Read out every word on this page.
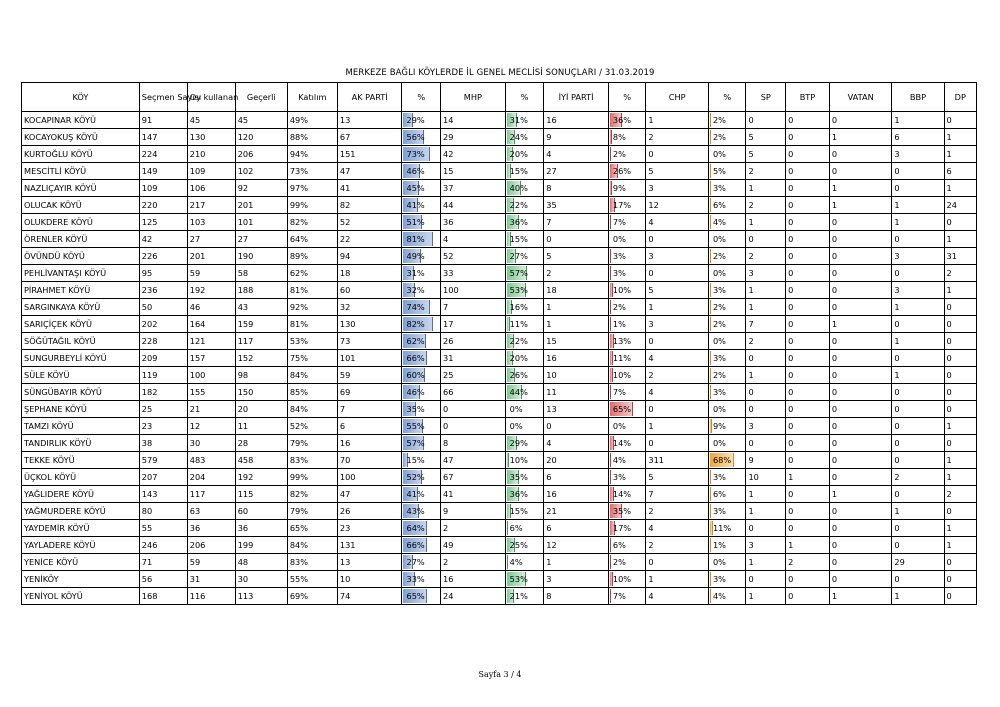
MERKEZE BAĞLI KÖYLERDE İL GENEL MECLİSİ SONUÇLARI / 31.03.2019
KÖY	Seçmen Sayısı	Oy kullanan	Geçerli	Katılım	AK PARTİ	%	MHP	%	İYİ PARTİ	%	CHP	%	SP	BTP	VATAN	BBP	DP
KOCAPINAR KÖYÜ	91	45	45	49%	13	29%	14	31%	16	36%	1	2%	0	0	0	1	0
KOCAYOKUŞ KÖYÜ	147	130	120	88%	67	56%	29	24%	9	8%	2	2%	5	0	1	6	1
KURTOĞLU KÖYÜ	224	210	206	94%	151	73%	42	20%	4	2%	0	0%	5	0	0	3	1
MESCİTLİ KÖYÜ	149	109	102	73%	47	46%	15	15%	27	26%	5	5%	2	0	0	0	6
NAZLIÇAYIR KÖYÜ	109	106	92	97%	41	45%	37	40%	8	9%	3	3%	1	0	1	0	1
OLUCAK KÖYÜ	220	217	201	99%	82	41%	44	22%	35	17%	12	6%	2	0	1	1	24
OLUKDERE KÖYÜ	125	103	101	82%	52	51%	36	36%	7	7%	4	4%	1	0	0	1	0
ÖRENLER KÖYÜ	42	27	27	64%	22	81%	4	15%	0	0%	0	0%	0	0	0	0	1
ÖVÜNDÜ KÖYÜ	226	201	190	89%	94	49%	52	27%	5	3%	3	2%	2	0	0	3	31
PEHLİVANTAŞI KÖYÜ	95	59	58	62%	18	31%	33	57%	2	3%	0	0%	3	0	0	0	2
PİRAHMET KÖYÜ	236	192	188	81%	60	32%	100	53%	18	10%	5	3%	1	0	0	3	1
SARGINKAYA KÖYÜ	50	46	43	92%	32	74%	7	16%	1	2%	1	2%	1	0	0	1	0
SARIÇİÇEK KÖYÜ	202	164	159	81%	130	82%	17	11%	1	1%	3	2%	7	0	1	0	0
SÖĞÜTAĞIL KÖYÜ	228	121	117	53%	73	62%	26	22%	15	13%	0	0%	2	0	0	1	0
SUNGURBEYLİ KÖYÜ	209	157	152	75%	101	66%	31	20%	16	11%	4	3%	0	0	0	0	0
SÜLE KÖYÜ	119	100	98	84%	59	60%	25	26%	10	10%	2	2%	1	0	0	1	0
SÜNGÜBAYIR KÖYÜ	182	155	150	85%	69	46%	66	44%	11	7%	4	3%	0	0	0	0	0
ŞEPHANE KÖYÜ	25	21	20	84%	7	35%	0	0%	13	65%	0	0%	0	0	0	0	0
TAMZI KÖYÜ	23	12	11	52%	6	55%	0	0%	0	0%	1	9%	3	0	0	0	1
TANDIRLIK KÖYÜ	38	30	28	79%	16	57%	8	29%	4	14%	0	0%	0	0	0	0	0
TEKKE KÖYÜ	579	483	458	83%	70	15%	47	10%	20	4%	311	68%	9	0	0	0	1
ÜÇKOL KÖYÜ	207	204	192	99%	100	52%	67	35%	6	3%	5	3%	10	1	0	2	1
YAĞLIDERE KÖYÜ	143	117	115	82%	47	41%	41	36%	16	14%	7	6%	1	0	1	0	2
YAĞMURDERE KÖYÜ	80	63	60	79%	26	43%	9	15%	21	35%	2	3%	1	0	0	1	0
YAYDEMİR KÖYÜ	55	36	36	65%	23	64%	2	6%	6	17%	4	11%	0	0	0	0	1
YAYLADERE KÖYÜ	246	206	199	84%	131	66%	49	25%	12	6%	2	1%	3	1	0	0	1
YENİCE KÖYÜ	71	59	48	83%	13	27%	2	4%	1	2%	0	0%	1	2	0	29	0
YENİKÖY	56	31	30	55%	10	33%	16	53%	3	10%	1	3%	0	0	0	0	0
YENİYOL KÖYÜ	168	116	113	69%	74	65%	24	21%	8	7%	4	4%	1	0	1	1	0
Sayfa 3 / 4
